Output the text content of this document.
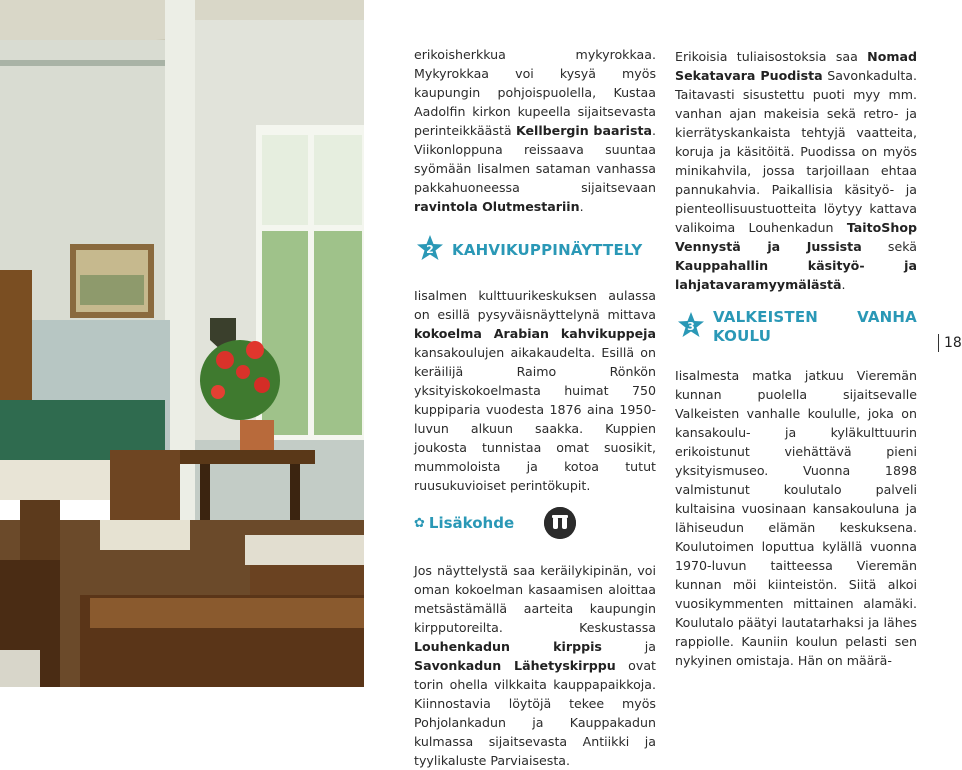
erikoisherkkua mykyrokkaa. Mykyrokkaa voi kysyä myös kaupungin pohjoispuolella, Kustaa Aadolfin kirkon kupeella sijaitsevasta perinteikkäästä Kellbergin baarista. Viikonloppuna reissaava suuntaa syömään Iisalmen sataman vanhassa pakkahuoneessa sijaitsevaan ravintola Olutmestariin.

2 KAHVIKUPPINÄYTTELY

Iisalmen kulttuurikeskuksen aulassa on esillä pysyväisnäyttelynä mittava kokoelma Arabian kahvikuppeja kansakoulujen aikakaudelta. Esillä on keräilijä Raimo Rönkön yksityiskokoelmasta huimat 750 kuppiparia vuodesta 1876 aina 1950-luvun alkuun saakka. Kuppien joukosta tunnistaa omat suosikit, mummoloista ja kotoa tutut ruusukuvioiset perintökupit.

✿ Lisäkohde

Jos näyttelystä saa keräilykipinän, voi oman kokoelman kasaamisen aloittaa metsästämällä aarteita kaupungin kirpputoreilta. Keskustassa Louhenkadun kirppis ja Savonkadun Lähetyskirppu ovat torin ohella vilkkaita kauppapaikkoja. Kiinnostavia löytöjä tekee myös Pohjolankadun ja Kauppakadun kulmassa sijaitsevasta Antiikki ja tyylikaluste Parviaisesta.

Erikoisia tuliaisostoksia saa Nomad Sekatavara Puodista Savonkadulta. Taitavasti sisustettu puoti myy mm. vanhan ajan makeisia sekä retro- ja kierrätyskankaista tehtyjä vaatteita, koruja ja käsitöitä. Puodissa on myös minikahvila, jossa tarjoillaan ehtaa pannukahvia. Paikallisia käsityö- ja pienteollisuustuotteita löytyy kattava valikoima Louhenkadun TaitoShop Vennystä ja Jussista sekä Kauppahallin käsityö- ja lahjatavaramyymälästä.

3
VALKEISTEN VANHA KOULU

Iisalmesta matka jatkuu Vieremän kunnan puolella sijaitsevalle Valkeisten vanhalle koululle, joka on kansakoulu- ja kyläkulttuurin erikoistunut viehättävä pieni yksityismuseo. Vuonna 1898 valmistunut koulutalo palveli kultaisina vuosinaan kansakouluna ja lähiseudun elämän keskuksena. Koulutoimen loputtua kylällä vuonna 1970-luvun taitteessa Vieremän kunnan möi kiinteistön. Siitä alkoi vuosikymmenten mittainen alamäki. Koulutalo päätyi lautatarhaksi ja lähes rappiolle. Kauniin koulun pelasti sen nykyinen omistaja. Hän on määrä-

18
